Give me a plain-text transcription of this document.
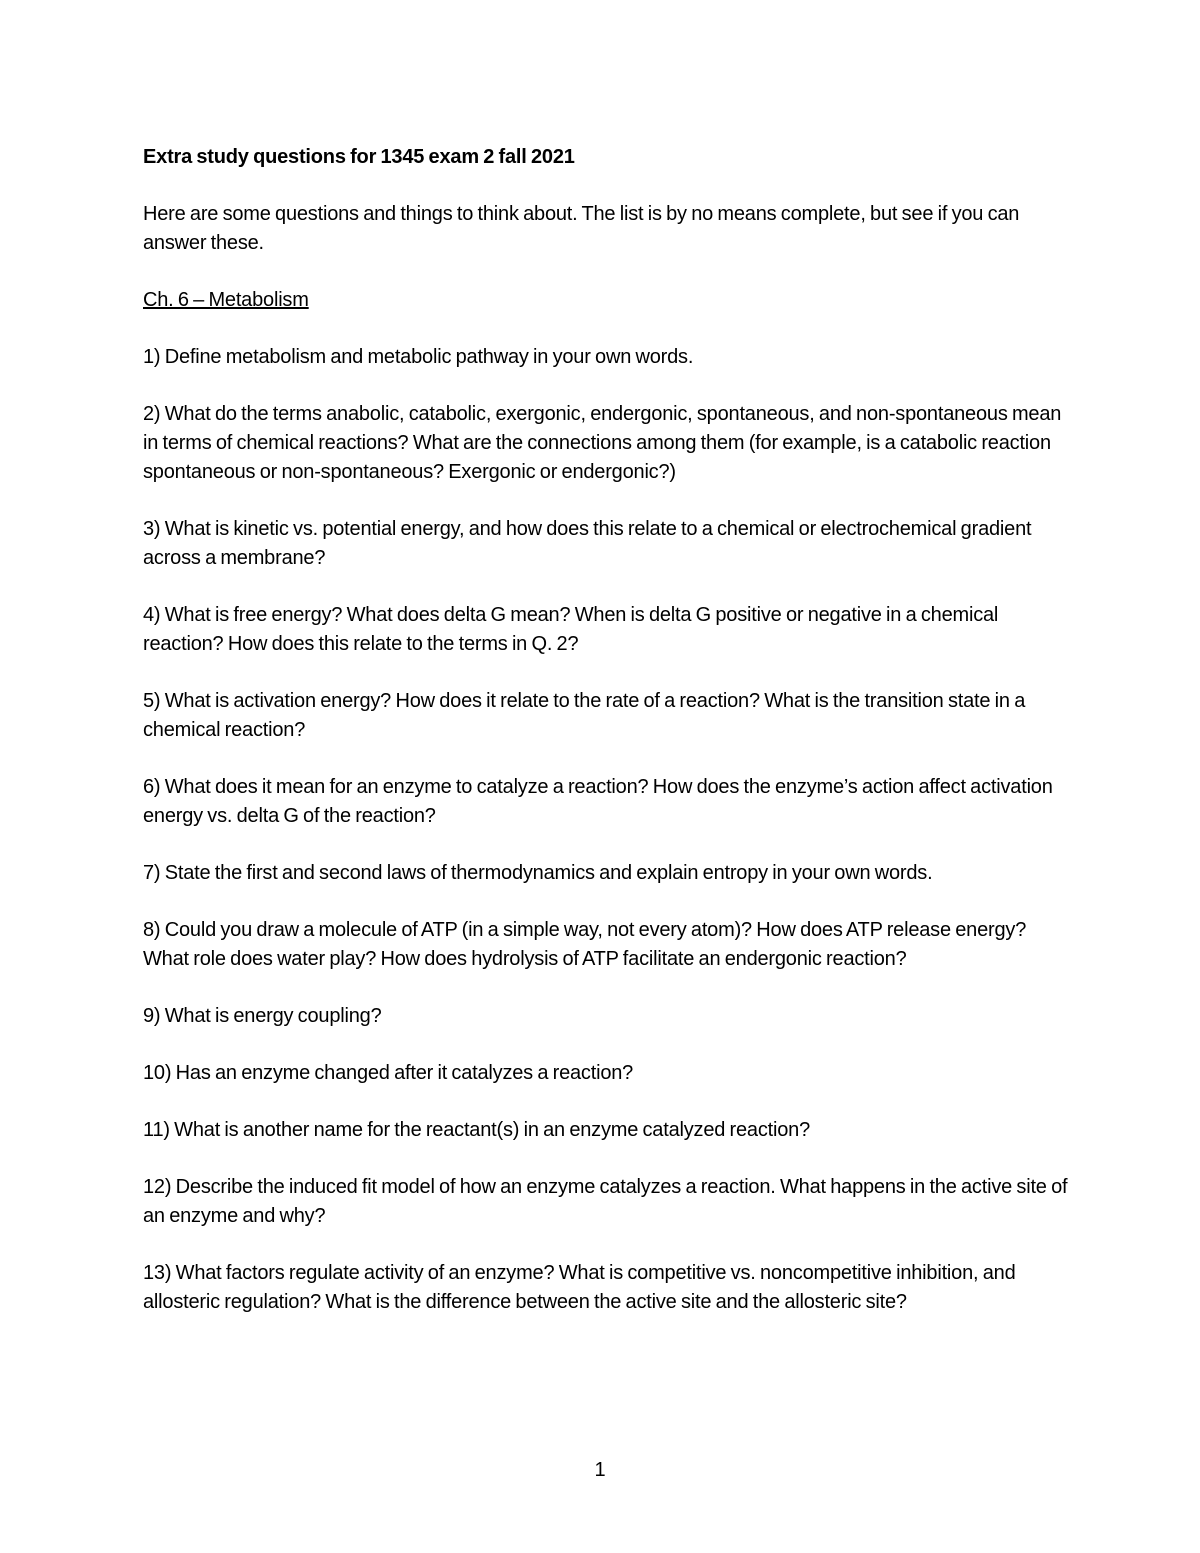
Extra study questions for 1345 exam 2 fall 2021

Here are some questions and things to think about. The list is by no means complete, but see if you can answer these.

Ch. 6 – Metabolism

1) Define metabolism and metabolic pathway in your own words.

2) What do the terms anabolic, catabolic, exergonic, endergonic, spontaneous, and non-spontaneous mean in terms of chemical reactions? What are the connections among them (for example, is a catabolic reaction spontaneous or non-spontaneous? Exergonic or endergonic?)

3) What is kinetic vs. potential energy, and how does this relate to a chemical or electrochemical gradient across a membrane?

4) What is free energy? What does delta G mean? When is delta G positive or negative in a chemical reaction? How does this relate to the terms in Q. 2?

5) What is activation energy? How does it relate to the rate of a reaction? What is the transition state in a chemical reaction?

6) What does it mean for an enzyme to catalyze a reaction? How does the enzyme’s action affect activation energy vs. delta G of the reaction?

7) State the first and second laws of thermodynamics and explain entropy in your own words.

8) Could you draw a molecule of ATP (in a simple way, not every atom)? How does ATP release energy? What role does water play? How does hydrolysis of ATP facilitate an endergonic reaction?

9) What is energy coupling?

10) Has an enzyme changed after it catalyzes a reaction?

11) What is another name for the reactant(s) in an enzyme catalyzed reaction?

12) Describe the induced fit model of how an enzyme catalyzes a reaction. What happens in the active site of an enzyme and why?

13) What factors regulate activity of an enzyme? What is competitive vs. noncompetitive inhibition, and allosteric regulation? What is the difference between the active site and the allosteric site?

1
